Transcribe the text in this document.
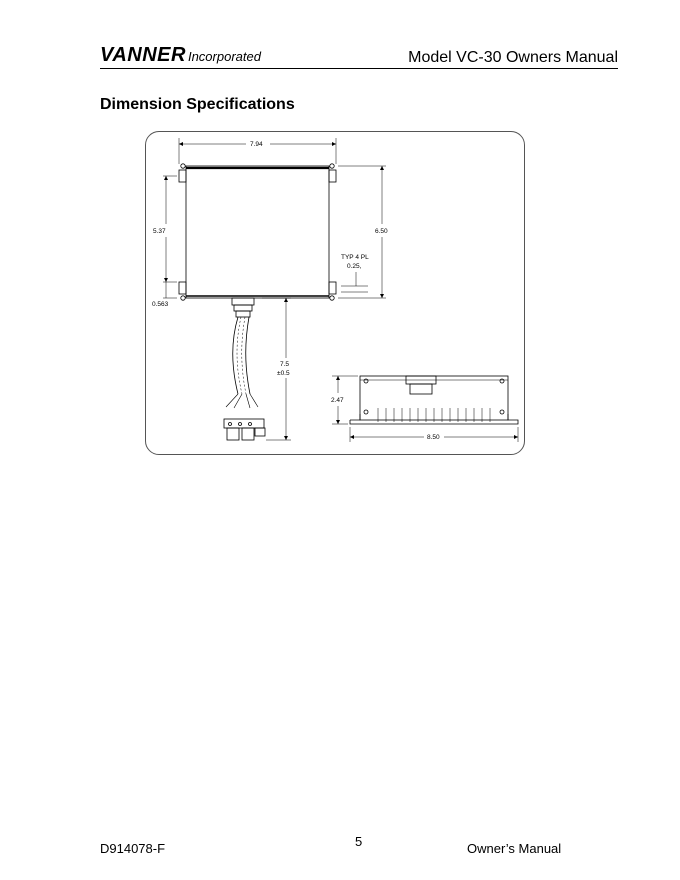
VANNER Incorporated	Model VC-30 Owners Manual
Dimension Specifications
7.94
5.37	6.50
TYP 4 PL
0.25,
0.563
7.5
±0.5
2.47
8.50
D914078-F	5	Owner’s Manual
